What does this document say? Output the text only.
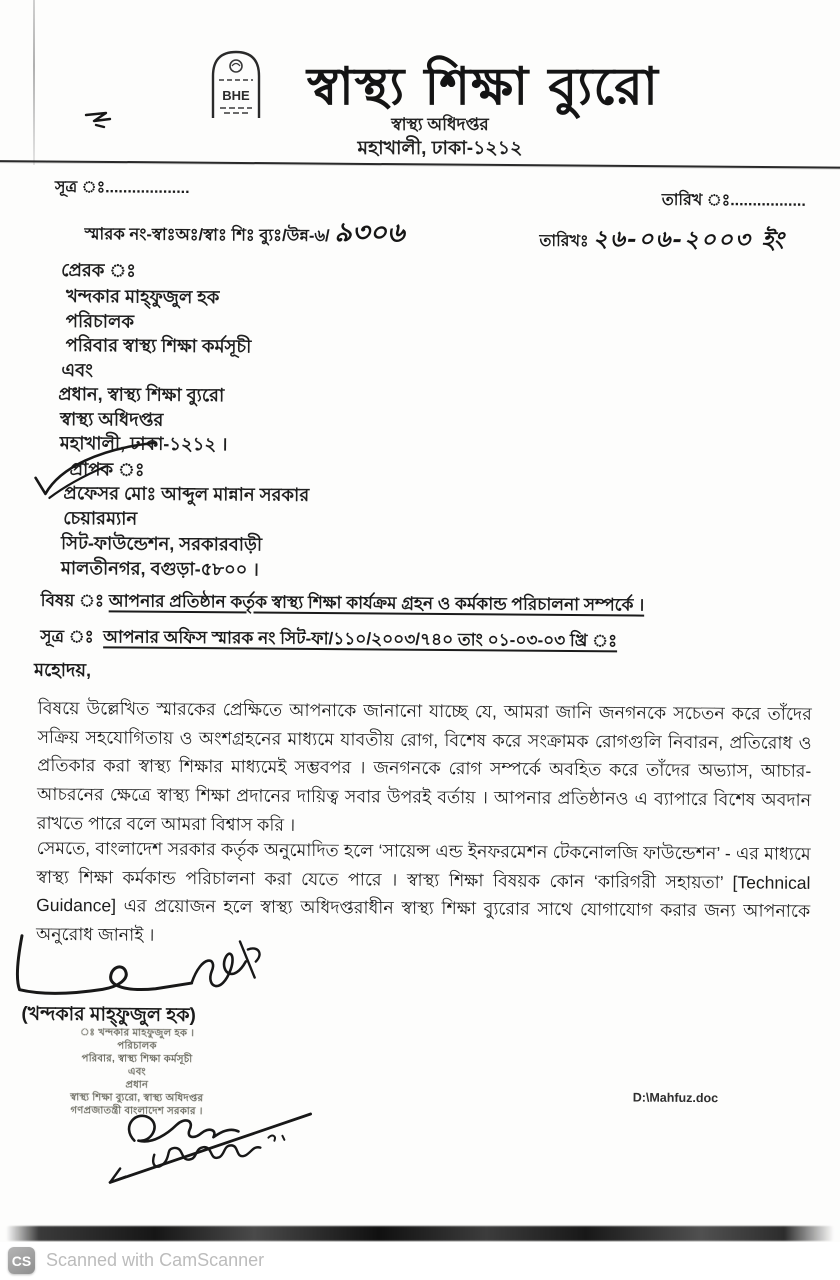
BHE	স্বাস্থ্য শিক্ষা ব্যুরো
স্বাস্থ্য অধিদপ্তর
মহাখালী, ঢাকা-১২১২
সূত্র ঃ...................
তারিখ ঃ.................
স্মারক নং-স্বাঃঅঃ/স্বাঃ শিঃ ব্যুঃ/উন্ন-৬/ ৯৩০৬	তারিখঃ ২৬-০৬-২০০৩ ইং
প্রেরক ঃ
খন্দকার মাহ্‌ফুজুল হক
পরিচালক
পরিবার স্বাস্থ্য শিক্ষা কর্মসূচী
এবং
প্রধান, স্বাস্থ্য শিক্ষা ব্যুরো
স্বাস্থ্য অধিদপ্তর
মহাখালী, ঢাকা-১২১২ ।
প্রাপক ঃ
প্রফেসর মোঃ আব্দুল মান্নান সরকার
চেয়ারম্যান
সিট-ফাউন্ডেশন, সরকারবাড়ী
মালতীনগর, বগুড়া-৫৮০০ ।
বিষয় ঃ আপনার প্রতিষ্ঠান কর্তৃক স্বাস্থ্য শিক্ষা কার্যক্রম গ্রহন ও কর্মকান্ড পরিচালনা সম্পর্কে ।
সূত্র ঃ আপনার অফিস স্মারক নং সিট-ফা/১১০/২০০৩/৭৪০ তাং ০১-০৩-০৩ খ্রি ঃ
মহোদয়,
বিষয়ে উল্লেখিত স্মারকের প্রেক্ষিতে আপনাকে জানানো যাচ্ছে যে, আমরা জানি জনগনকে সচেতন করে তাঁদের সক্রিয় সহযোগিতায় ও অংশগ্রহনের মাধ্যমে যাবতীয় রোগ, বিশেষ করে সংক্রামক রোগগুলি নিবারন, প্রতিরোধ ও প্রতিকার করা স্বাস্থ্য শিক্ষার মাধ্যমেই সম্ভবপর । জনগনকে রোগ সম্পর্কে অবহিত করে তাঁদের অভ্যাস, আচার-আচরনের ক্ষেত্রে স্বাস্থ্য শিক্ষা প্রদানের দায়িত্ব সবার উপরই বর্তায় । আপনার প্রতিষ্ঠানও এ ব্যাপারে বিশেষ অবদান রাখতে পারে বলে আমরা বিশ্বাস করি ।
সেমতে, বাংলাদেশ সরকার কর্তৃক অনুমোদিত হলে ‘সায়েন্স এন্ড ইনফরমেশন টেকনোলজি ফাউন্ডেশন’ - এর মাধ্যমে স্বাস্থ্য শিক্ষা কর্মকান্ড পরিচালনা করা যেতে পারে । স্বাস্থ্য শিক্ষা বিষয়ক কোন ‘কারিগরী সহায়তা’ [Technical Guidance] এর প্রয়োজন হলে স্বাস্থ্য অধিদপ্তরাধীন স্বাস্থ্য শিক্ষা ব্যুরোর সাথে যোগাযোগ করার জন্য আপনাকে অনুরোধ জানাই ।
(খন্দকার মাহ্‌ফুজুল হক)
ঃ খন্দকার মাহফুজুল হক ।
পরিচালক
পরিবার, স্বাস্থ্য শিক্ষা কর্মসূচী
এবং
প্রধান
স্বাস্থ্য শিক্ষা ব্যুরো, স্বাস্থ্য অধিদপ্তর
গণপ্রজাতন্ত্রী বাংলাদেশ সরকার ।
D:\Mahfuz.doc
CS Scanned with CamScanner
